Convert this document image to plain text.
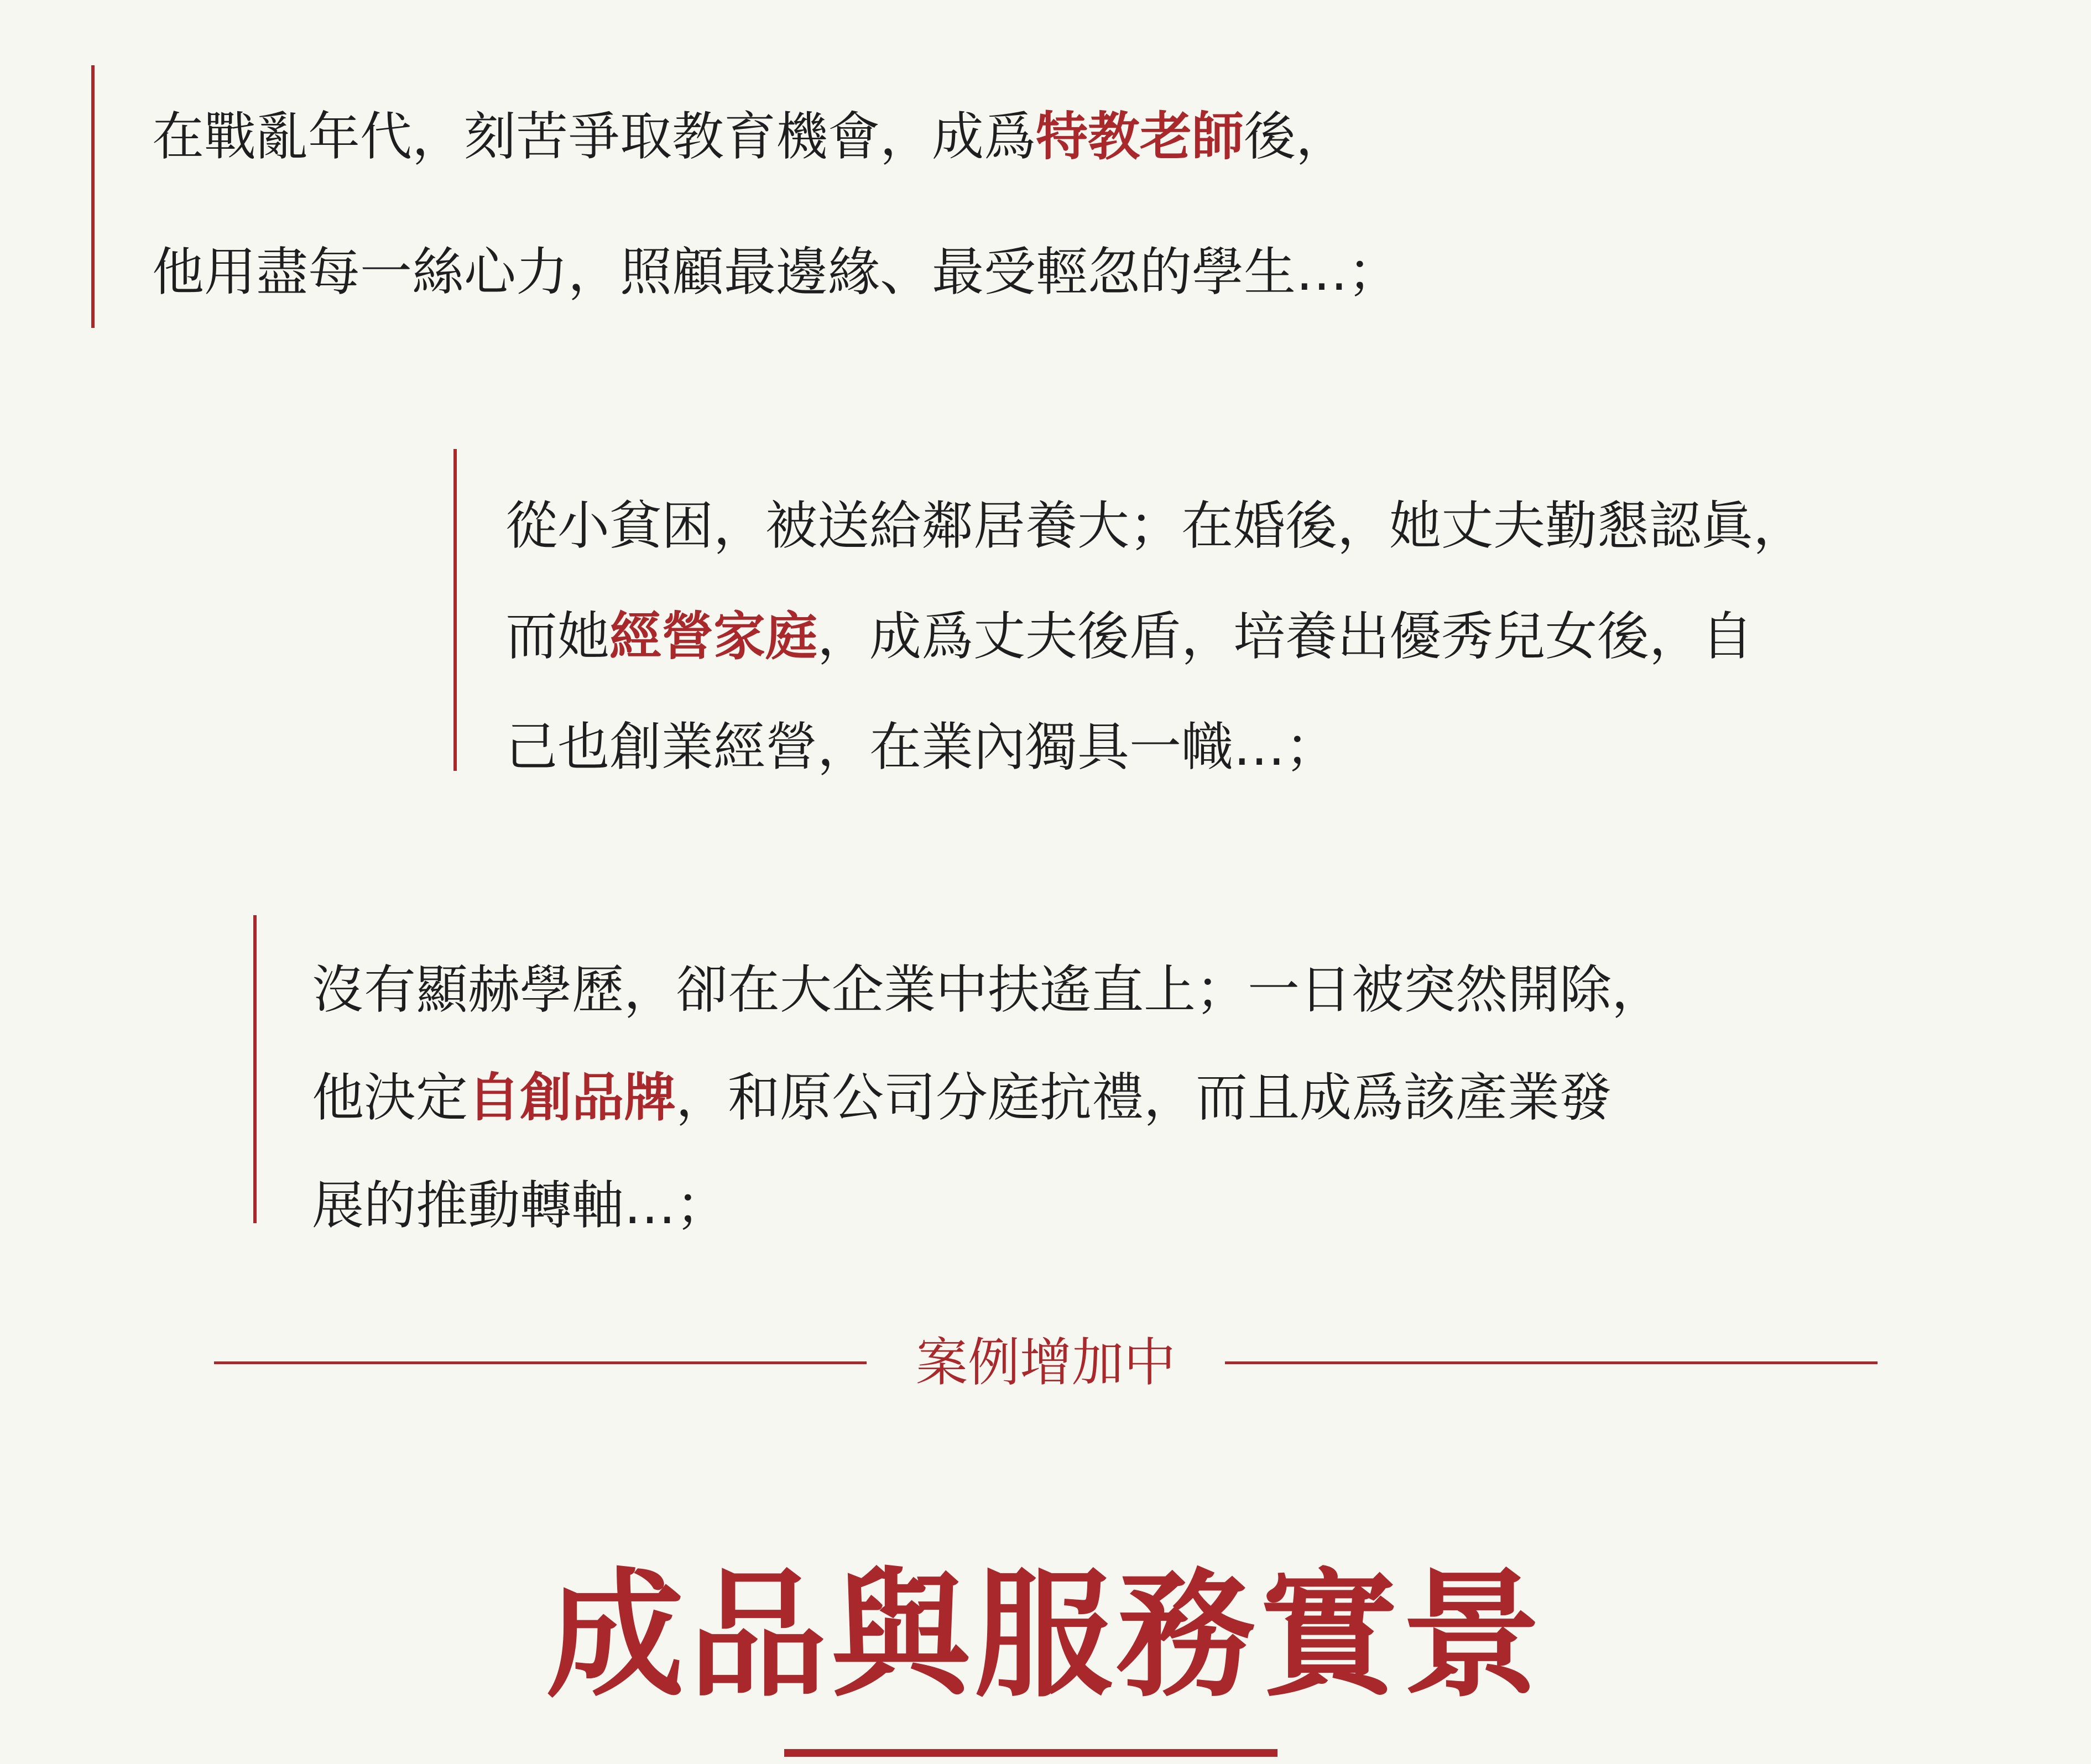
在戰亂年代，刻苦爭取教育機會，成爲特教老師後，

他用盡每一絲心力，照顧最邊緣、最受輕忽的學生…；

從小貧困，被送給鄰居養大；在婚後，她丈夫勤懇認眞，

而她經營家庭，成爲丈夫後盾，培養出優秀兒女後，自

己也創業經營，在業內獨具一幟…；

沒有顯赫學歷，卻在大企業中扶遙直上；一日被突然開除，

他決定自創品牌，和原公司分庭抗禮，而且成爲該產業發

展的推動轉軸…；

案例增加中
成品與服務實景
